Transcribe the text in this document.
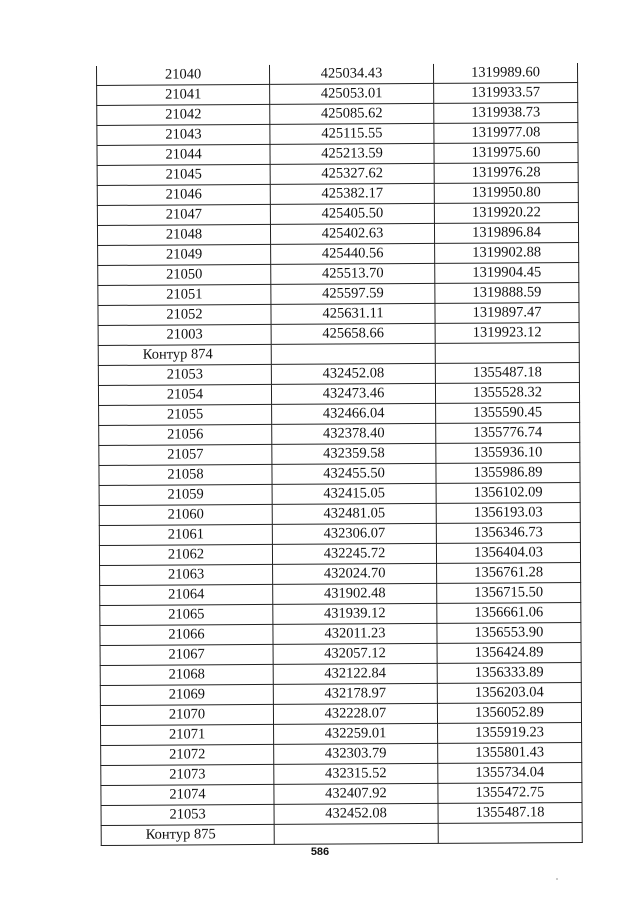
21040	425034.43	1319989.60
21041	425053.01	1319933.57
21042	425085.62	1319938.73
21043	425115.55	1319977.08
21044	425213.59	1319975.60
21045	425327.62	1319976.28
21046	425382.17	1319950.80
21047	425405.50	1319920.22
21048	425402.63	1319896.84
21049	425440.56	1319902.88
21050	425513.70	1319904.45
21051	425597.59	1319888.59
21052	425631.11	1319897.47
21003	425658.66	1319923.12
Контур 874		
21053	432452.08	1355487.18
21054	432473.46	1355528.32
21055	432466.04	1355590.45
21056	432378.40	1355776.74
21057	432359.58	1355936.10
21058	432455.50	1355986.89
21059	432415.05	1356102.09
21060	432481.05	1356193.03
21061	432306.07	1356346.73
21062	432245.72	1356404.03
21063	432024.70	1356761.28
21064	431902.48	1356715.50
21065	431939.12	1356661.06
21066	432011.23	1356553.90
21067	432057.12	1356424.89
21068	432122.84	1356333.89
21069	432178.97	1356203.04
21070	432228.07	1356052.89
21071	432259.01	1355919.23
21072	432303.79	1355801.43
21073	432315.52	1355734.04
21074	432407.92	1355472.75
21053	432452.08	1355487.18
Контур 875		
586
